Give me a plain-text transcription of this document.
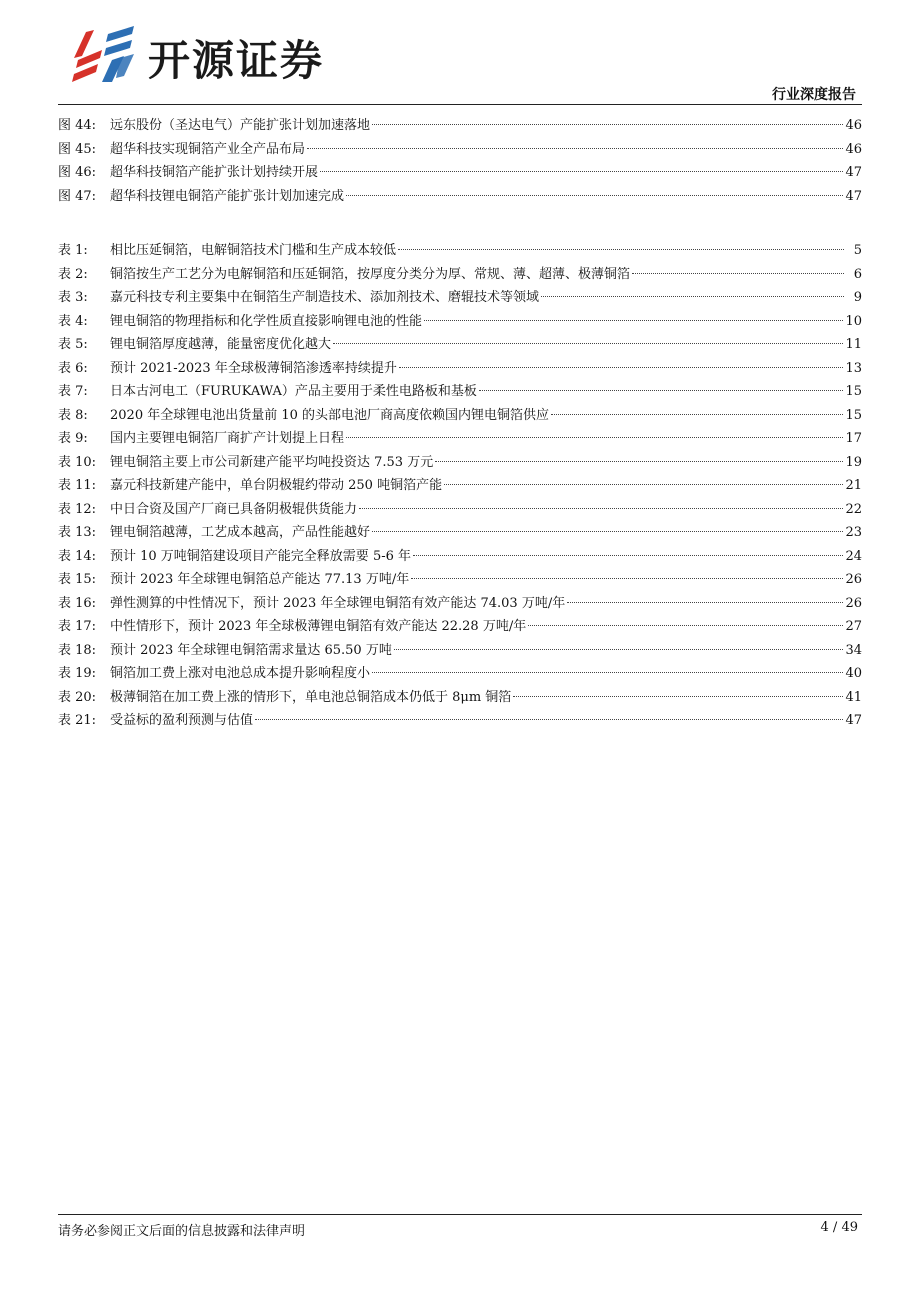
开源证券
行业深度报告
图 44:	远东股份（圣达电气）产能扩张计划加速落地	46
图 45:	超华科技实现铜箔产业全产品布局	46
图 46:	超华科技铜箔产能扩张计划持续开展	47
图 47:	超华科技锂电铜箔产能扩张计划加速完成	47
表 1:	相比压延铜箔，电解铜箔技术门槛和生产成本较低	5
表 2:	铜箔按生产工艺分为电解铜箔和压延铜箔，按厚度分类分为厚、常规、薄、超薄、极薄铜箔	6
表 3:	嘉元科技专利主要集中在铜箔生产制造技术、添加剂技术、磨辊技术等领域	9
表 4:	锂电铜箔的物理指标和化学性质直接影响锂电池的性能	10
表 5:	锂电铜箔厚度越薄，能量密度优化越大	11
表 6:	预计 2021-2023 年全球极薄铜箔渗透率持续提升	13
表 7:	日本古河电工（FURUKAWA）产品主要用于柔性电路板和基板	15
表 8:	2020 年全球锂电池出货量前 10 的头部电池厂商高度依赖国内锂电铜箔供应	15
表 9:	国内主要锂电铜箔厂商扩产计划提上日程	17
表 10:	锂电铜箔主要上市公司新建产能平均吨投资达 7.53 万元	19
表 11:	嘉元科技新建产能中，单台阴极辊约带动 250 吨铜箔产能	21
表 12:	中日合资及国产厂商已具备阴极辊供货能力	22
表 13:	锂电铜箔越薄，工艺成本越高，产品性能越好	23
表 14:	预计 10 万吨铜箔建设项目产能完全释放需要 5-6 年	24
表 15:	预计 2023 年全球锂电铜箔总产能达 77.13 万吨/年	26
表 16:	弹性测算的中性情况下，预计 2023 年全球锂电铜箔有效产能达 74.03 万吨/年	26
表 17:	中性情形下，预计 2023 年全球极薄锂电铜箔有效产能达 22.28 万吨/年	27
表 18:	预计 2023 年全球锂电铜箔需求量达 65.50 万吨	34
表 19:	铜箔加工费上涨对电池总成本提升影响程度小	40
表 20:	极薄铜箔在加工费上涨的情形下，单电池总铜箔成本仍低于 8μm 铜箔	41
表 21:	受益标的盈利预测与估值	47
请务必参阅正文后面的信息披露和法律声明	4 / 49
